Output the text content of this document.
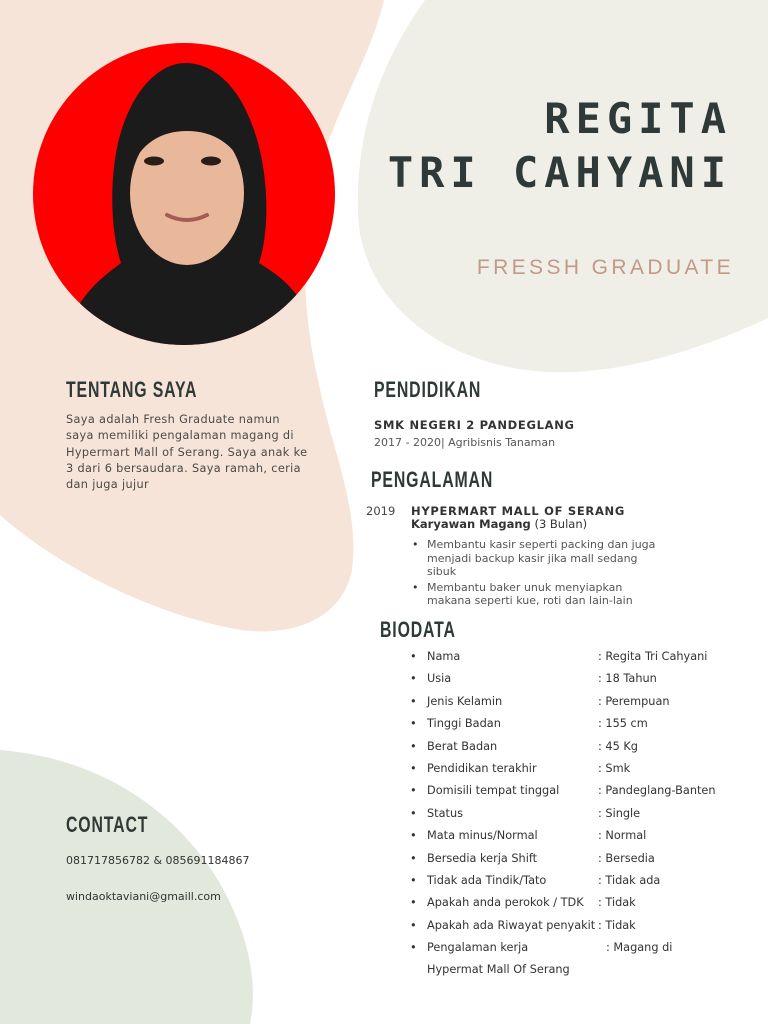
REGITA
TRI CAHYANI
FRESSH GRADUATE
TENTANG SAYA
Saya adalah Fresh Graduate namun saya memiliki pengalaman magang di Hypermart Mall of Serang. Saya anak ke 3 dari 6 bersaudara. Saya ramah, ceria dan juga jujur
PENDIDIKAN
SMK NEGERI 2 PANDEGLANG
2017 - 2020| Agribisnis Tanaman
PENGALAMAN
2019 HYPERMART MALL OF SERANG
Karyawan Magang (3 Bulan)
• Membantu kasir seperti packing dan juga menjadi backup kasir jika mall sedang sibuk
• Membantu baker unuk menyiapkan makana seperti kue, roti dan lain-lain
BIODATA
• Nama	: Regita Tri Cahyani
• Usia	: 18 Tahun
• Jenis Kelamin	: Perempuan
• Tinggi Badan	: 155 cm
• Berat Badan	: 45 Kg
• Pendidikan terakhir	: Smk
• Domisili tempat tinggal	: Pandeglang-Banten
• Status	: Single
• Mata minus/Normal	: Normal
• Bersedia kerja Shift	: Bersedia
• Tidak ada Tindik/Tato	: Tidak ada
• Apakah anda perokok / TDK : Tidak
• Apakah ada Riwayat penyakit : Tidak
• Pengalaman kerja	: Magang di
Hypermat Mall Of Serang
CONTACT
081717856782 & 085691184867
windaoktaviani@gmaill.com
